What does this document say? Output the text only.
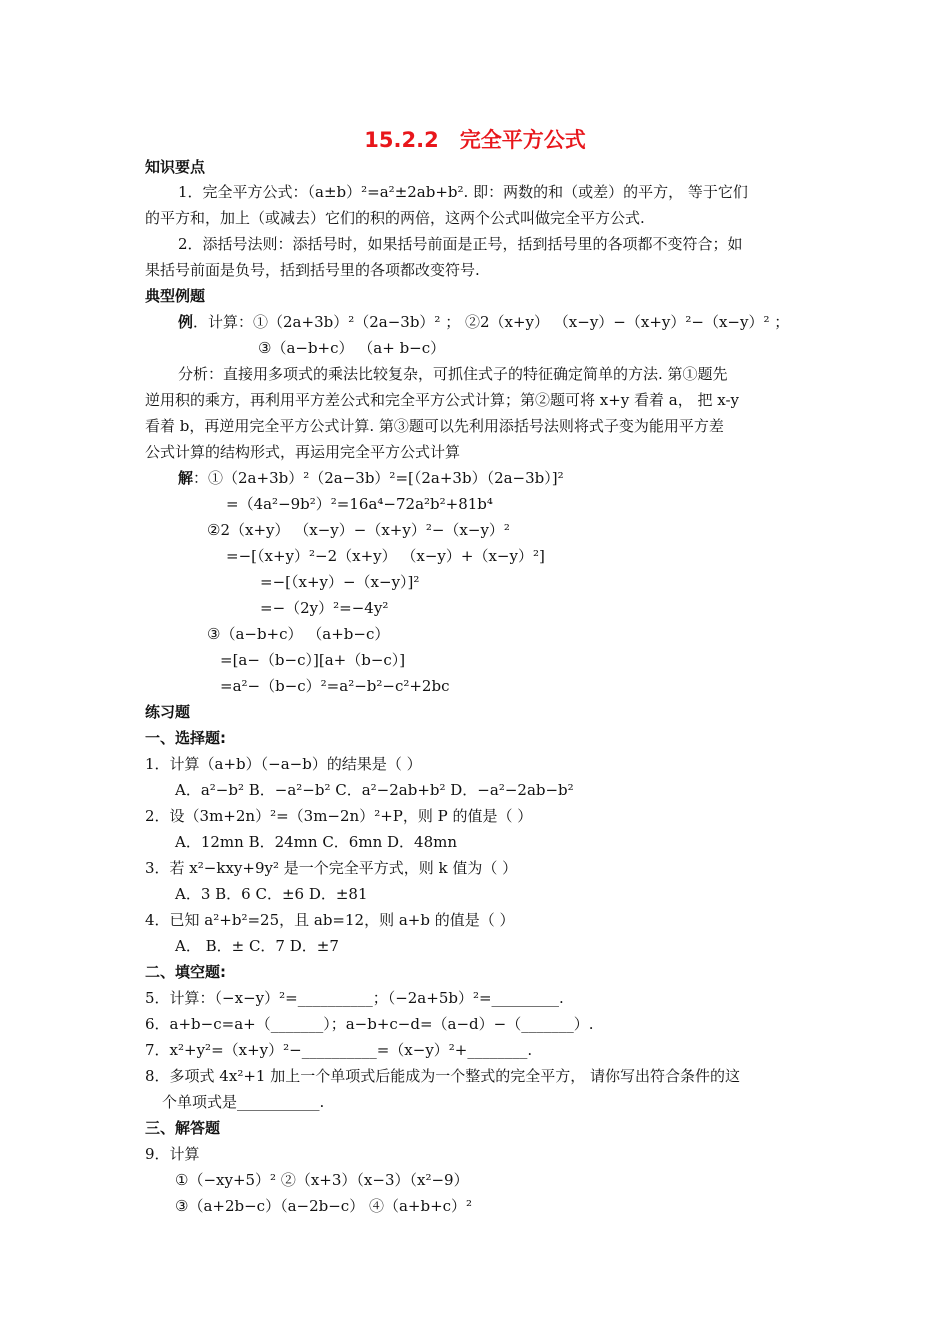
15.2.2　完全平方公式
知识要点
1．完全平方公式：（a±b）²=a²±2ab+b². 即：两数的和（或差）的平方， 等于它们
的平方和，加上（或减去）它们的积的两倍，这两个公式叫做完全平方公式.
2．添括号法则：添括号时，如果括号前面是正号，括到括号里的各项都不变符合；如
果括号前面是负号，括到括号里的各项都改变符号.
典型例题
例．计算：①（2a+3b）²（2a−3b）² ； ②2（x+y） （x−y）−（x+y）²−（x−y）² ；
③（a−b+c） （a+ b−c）
分析：直接用多项式的乘法比较复杂，可抓住式子的特征确定简单的方法. 第①题先
逆用积的乘方，再利用平方差公式和完全平方公式计算；第②题可将 x+y 看着 a， 把 x-y
看着 b，再逆用完全平方公式计算. 第③题可以先利用添括号法则将式子变为能用平方差
公式计算的结构形式，再运用完全平方公式计算
解：①（2a+3b）²（2a−3b）²=[（2a+3b）（2a−3b）]²
=（4a²−9b²）²=16a⁴−72a²b²+81b⁴
②2（x+y） （x−y）−（x+y）²−（x−y）²
=−[（x+y）²−2（x+y） （x−y）+（x−y）²]
=−[（x+y）−（x−y）]²
=−（2y）²=−4y²
③（a−b+c） （a+b−c）
=[a−（b−c）][a+（b−c）]
=a²−（b−c）²=a²−b²−c²+2bc
练习题
一、选择题:
1．计算（a+b）（−a−b）的结果是（ ）
A．a²−b² B．−a²−b² C．a²−2ab+b² D．−a²−2ab−b²
2．设（3m+2n）²=（3m−2n）²+P，则 P 的值是（ ）
A．12mn B．24mn C．6mn D．48mn
3．若 x²−kxy+9y² 是一个完全平方式，则 k 值为（ ）
A．3 B．6 C．±6 D．±81
4．已知 a²+b²=25，且 ab=12，则 a+b 的值是（ ）
A． B．± C．7 D．±7
二、填空题:
5．计算：（−x−y）²=__________；（−2a+5b）²=_________.
6．a+b−c=a+（_______）；a−b+c−d=（a−d）−（_______）.
7．x²+y²=（x+y）²−__________=（x−y）²+________.
8．多项式 4x²+1 加上一个单项式后能成为一个整式的完全平方， 请你写出符合条件的这
个单项式是___________.
三、解答题
9．计算
①（−xy+5）² ②（x+3）（x−3）（x²−9）
③（a+2b−c）（a−2b−c） ④（a+b+c）²
